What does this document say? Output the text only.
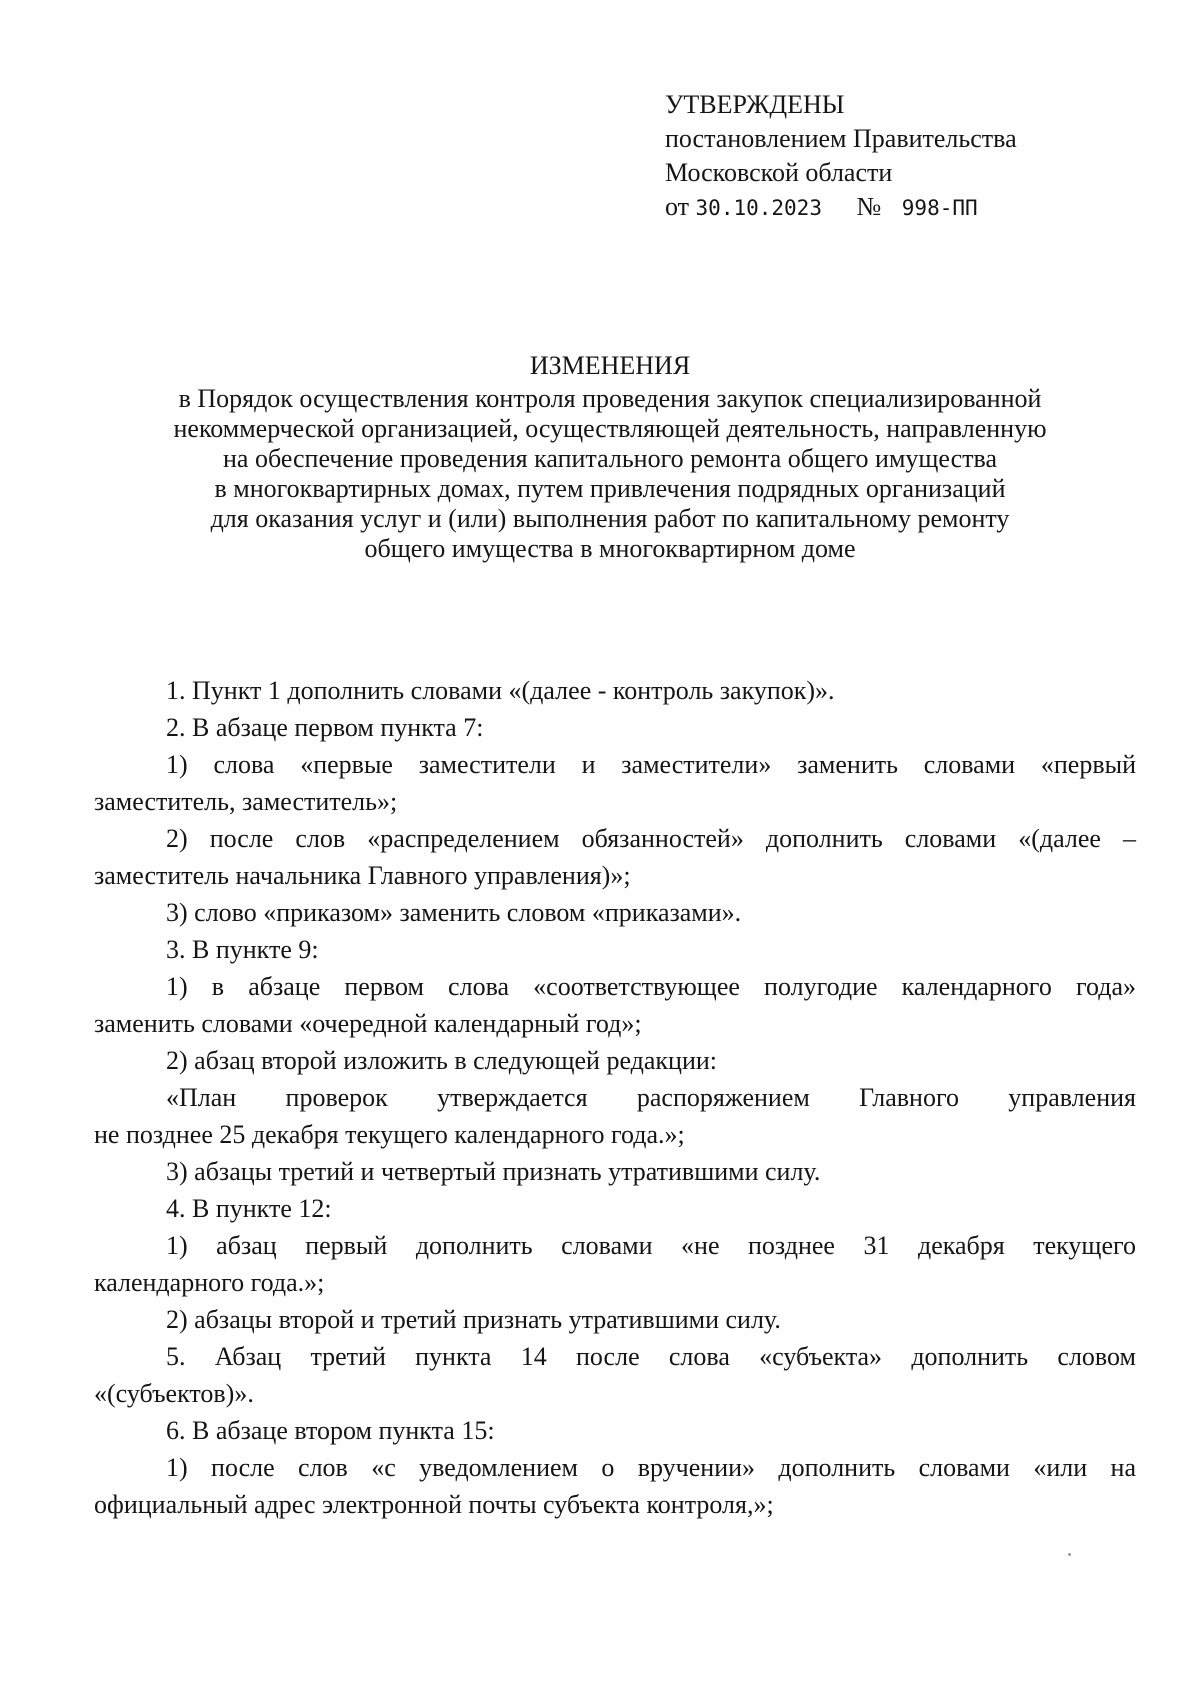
УТВЕРЖДЕНЫ
постановлением Правительства
Московской области
от 30.10.2023 № 998-ПП
ИЗМЕНЕНИЯ
в Порядок осуществления контроля проведения закупок специализированной
некоммерческой организацией, осуществляющей деятельность, направленную
на обеспечение проведения капитального ремонта общего имущества
в многоквартирных домах, путем привлечения подрядных организаций
для оказания услуг и (или) выполнения работ по капитальному ремонту
общего имущества в многоквартирном доме

1. Пункт 1 дополнить словами «(далее - контроль закупок)».

2. В абзаце первом пункта 7:

1) слова «первые заместители и заместители» заменить словами «первый
заместитель, заместитель»;

2) после слов «распределением обязанностей» дополнить словами «(далее –
заместитель начальника Главного управления)»;

3) слово «приказом» заменить словом «приказами».

3. В пункте 9:

1) в абзаце первом слова «соответствующее полугодие календарного года»
заменить словами «очередной календарный год»;

2) абзац второй изложить в следующей редакции:

«План проверок утверждается распоряжением Главного управления
не позднее 25 декабря текущего календарного года.»;

3) абзацы третий и четвертый признать утратившими силу.

4. В пункте 12:

1) абзац первый дополнить словами «не позднее 31 декабря текущего
календарного года.»;

2) абзацы второй и третий признать утратившими силу.

5. Абзац третий пункта 14 после слова «субъекта» дополнить словом
«(субъектов)».

6. В абзаце втором пункта 15:

1) после слов «с уведомлением о вручении» дополнить словами «или на
официальный адрес электронной почты субъекта контроля,»;
